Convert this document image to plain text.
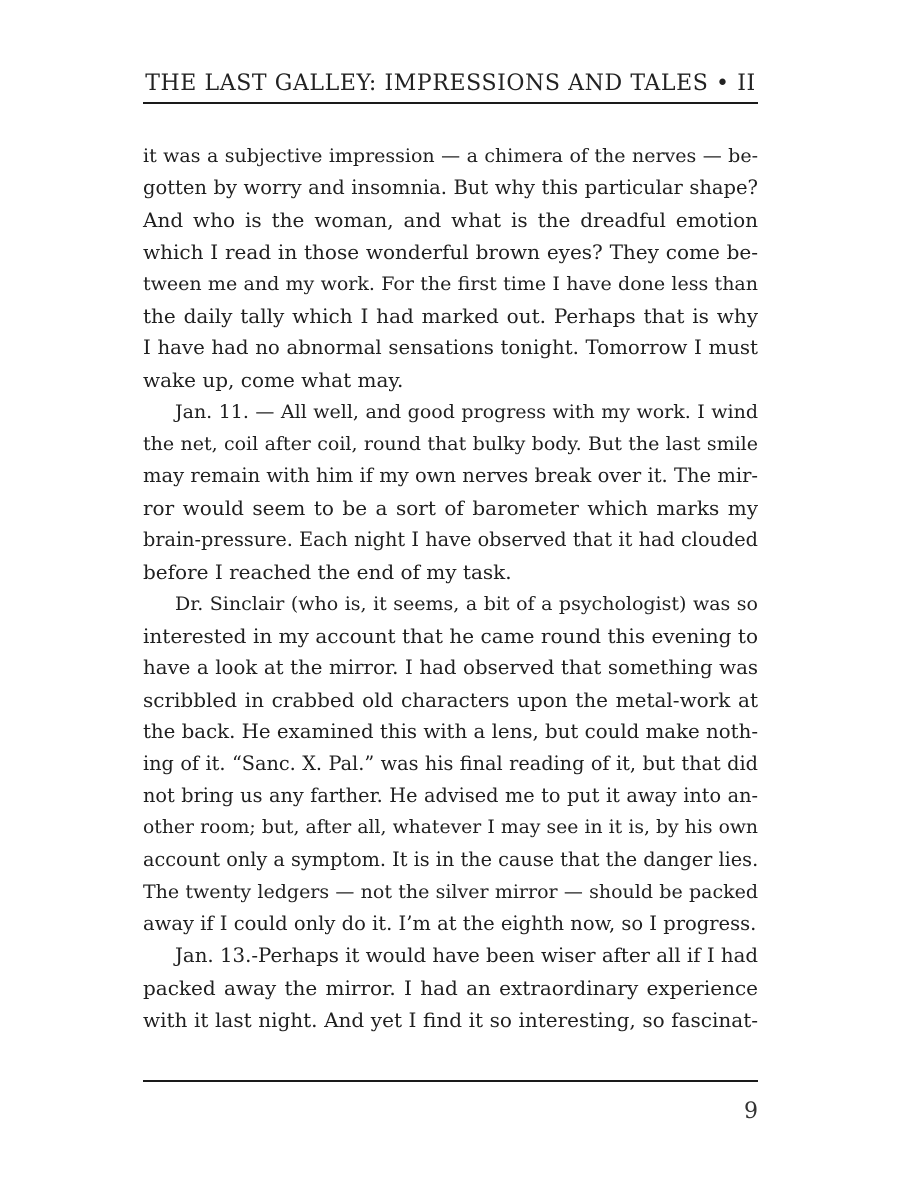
THE LAST GALLEY: IMPRESSIONS AND TALES • II
it was a subjective impression — a chimera of the nerves — be-
gotten by worry and insomnia. But why this particular shape?
And who is the woman, and what is the dreadful emotion
which I read in those wonderful brown eyes? They come be-
tween me and my work. For the first time I have done less than
the daily tally which I had marked out. Perhaps that is why
I have had no abnormal sensations tonight. Tomorrow I must
wake up, come what may.
Jan. 11. — All well, and good progress with my work. I wind
the net, coil after coil, round that bulky body. But the last smile
may remain with him if my own nerves break over it. The mir-
ror would seem to be a sort of barometer which marks my
brain-pressure. Each night I have observed that it had clouded
before I reached the end of my task.
Dr. Sinclair (who is, it seems, a bit of a psychologist) was so
interested in my account that he came round this evening to
have a look at the mirror. I had observed that something was
scribbled in crabbed old characters upon the metal-work at
the back. He examined this with a lens, but could make noth-
ing of it. “Sanc. X. Pal.” was his final reading of it, but that did
not bring us any farther. He advised me to put it away into an-
other room; but, after all, whatever I may see in it is, by his own
account only a symptom. It is in the cause that the danger lies.
The twenty ledgers — not the silver mirror — should be packed
away if I could only do it. I’m at the eighth now, so I progress.
Jan. 13.-Perhaps it would have been wiser after all if I had
packed away the mirror. I had an extraordinary experience
with it last night. And yet I find it so interesting, so fascinat-
9
